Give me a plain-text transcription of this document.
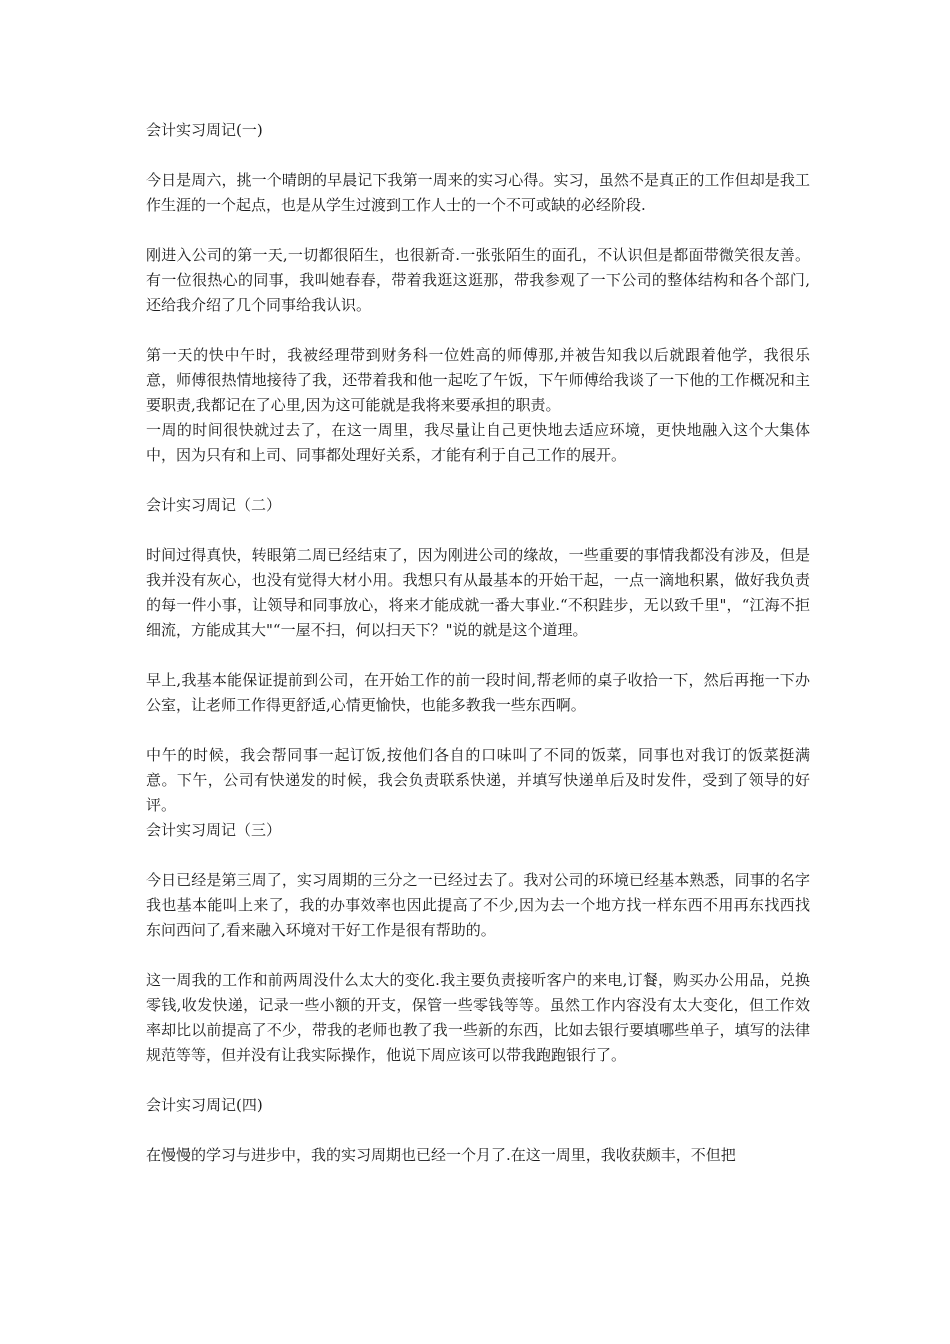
会计实习周记(一)
今日是周六，挑一个晴朗的早晨记下我第一周来的实习心得。实习，虽然不是真正的工作但却是我工作生涯的一个起点，也是从学生过渡到工作人士的一个不可或缺的必经阶段.
刚进入公司的第一天,一切都很陌生，也很新奇.一张张陌生的面孔，不认识但是都面带微笑很友善。有一位很热心的同事，我叫她春春，带着我逛这逛那，带我参观了一下公司的整体结构和各个部门,还给我介绍了几个同事给我认识。
第一天的快中午时，我被经理带到财务科一位姓高的师傅那,并被告知我以后就跟着他学，我很乐意，师傅很热情地接待了我，还带着我和他一起吃了午饭，下午师傅给我谈了一下他的工作概况和主要职责,我都记在了心里,因为这可能就是我将来要承担的职责。
一周的时间很快就过去了，在这一周里，我尽量让自己更快地去适应环境，更快地融入这个大集体中，因为只有和上司、同事都处理好关系，才能有利于自己工作的展开。
会计实习周记（二）
时间过得真快，转眼第二周已经结束了，因为刚进公司的缘故，一些重要的事情我都没有涉及，但是我并没有灰心，也没有觉得大材小用。我想只有从最基本的开始干起，一点一滴地积累，做好我负责的每一件小事，让领导和同事放心，将来才能成就一番大事业.“不积跬步，无以致千里"，“江海不拒细流，方能成其大"“一屋不扫，何以扫天下？"说的就是这个道理。
早上,我基本能保证提前到公司，在开始工作的前一段时间,帮老师的桌子收拾一下，然后再拖一下办公室，让老师工作得更舒适,心情更愉快，也能多教我一些东西啊。
中午的时候，我会帮同事一起订饭,按他们各自的口味叫了不同的饭菜，同事也对我订的饭菜挺满意。下午，公司有快递发的时候，我会负责联系快递，并填写快递单后及时发件，受到了领导的好评。
会计实习周记（三）
今日已经是第三周了，实习周期的三分之一已经过去了。我对公司的环境已经基本熟悉，同事的名字我也基本能叫上来了，我的办事效率也因此提高了不少,因为去一个地方找一样东西不用再东找西找东问西问了,看来融入环境对干好工作是很有帮助的。
这一周我的工作和前两周没什么太大的变化.我主要负责接听客户的来电,订餐，购买办公用品，兑换零钱,收发快递，记录一些小额的开支，保管一些零钱等等。虽然工作内容没有太大变化，但工作效率却比以前提高了不少，带我的老师也教了我一些新的东西，比如去银行要填哪些单子，填写的法律规范等等，但并没有让我实际操作，他说下周应该可以带我跑跑银行了。
会计实习周记(四)
在慢慢的学习与进步中，我的实习周期也已经一个月了.在这一周里，我收获颇丰，不但把
